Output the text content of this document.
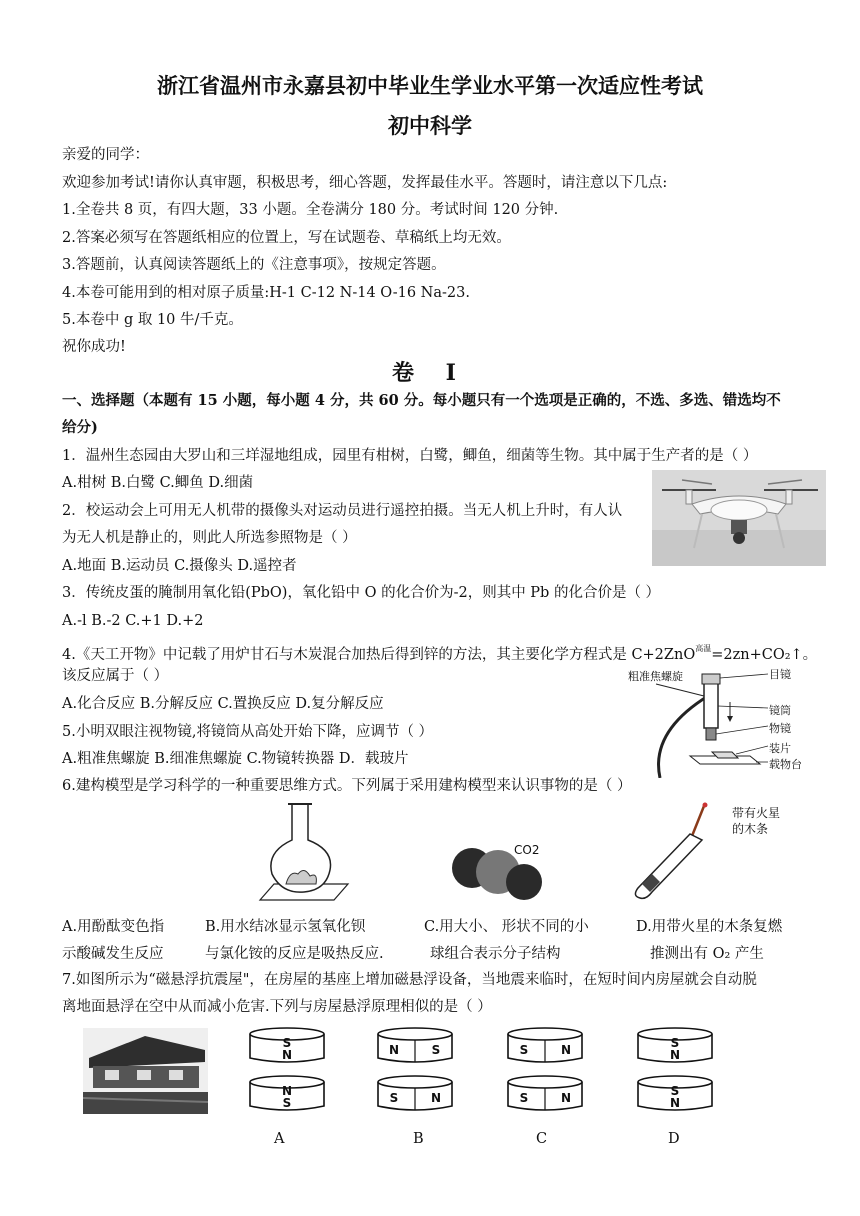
浙江省温州市永嘉县初中毕业生学业水平第一次适应性考试
初中科学
亲爱的同学：
欢迎参加考试!请你认真审题，积极思考，细心答题，发挥最佳水平。答题时，请注意以下几点:
1.全卷共 8 页，有四大题，33 小题。全卷满分 180 分。考试时间 120 分钟.
2.答案必须写在答题纸相应的位置上，写在试题卷、草稿纸上均无效。
3.答题前，认真阅读答题纸上的《注意事项》，按规定答题。
4.本卷可能用到的相对原子质量:H-1 C-12 N-14 O-16 Na-23.
5.本卷中 g 取 10 牛/千克。
祝你成功!
卷 I
一、选择题（本题有 15 小题，每小题 4 分，共 60 分。每小题只有一个选项是正确的，不选、多选、错选均不
给分)
1．温州生态园由大罗山和三垟湿地组成，园里有柑树，白鹭，鲫鱼，细菌等生物。其中属于生产者的是（ ）
A.柑树 B.白鹭 C.鲫鱼 D.细菌
2．校运动会上可用无人机带的摄像头对运动员进行遥控拍摄。当无人机上升时，有人认
为无人机是静止的，则此人所选参照物是（ ）
A.地面 B.运动员 C.摄像头 D.遥控者
3．传统皮蛋的腌制用氧化铅(PbO)，氧化铅中 O 的化合价为-2，则其中 Pb 的化合价是（ ）
A.-l B.-2 C.+1 D.+2
4.《天工开物》中记载了用炉甘石与木炭混合加热后得到锌的方法，其主要化学方程式是 C+2ZnO$^{高温}$=2zn+CO₂↑。
该反应属于（ ）
A.化合反应 B.分解反应 C.置换反应 D.复分解反应
粗准焦螺旋	目镜
镜筒
物镜
装片
载物台
5.小明双眼注视物镜,将镜筒从高处开始下降，应调节（ ）
A.粗准焦螺旋 B.细准焦螺旋 C.物镜转换器 D．载玻片
6.建构模型是学习科学的一种重要思维方式。下列属于采用建构模型来认识事物的是（ ）
CO2
带有火星的木条
A.用酚酞变色指
示酸碱发生反应
B.用水结冰显示氢氧化钡
与氯化铵的反应是吸热反应.
C.用大小、 形状不同的小
球组合表示分子结构
D.用带火星的木条复燃
推测出有 O₂ 产生
7.如图所示为“磁悬浮抗震屋"，在房屋的基座上增加磁悬浮设备，当地震来临时，在短时间内房屋就会自动脱
离地面悬浮在空中从而减小危害.下列与房屋悬浮原理相似的是（ ）
S
N
N
S
N	S
S	N
S	N
S	N
S
N
S
N
A	B	C	D
